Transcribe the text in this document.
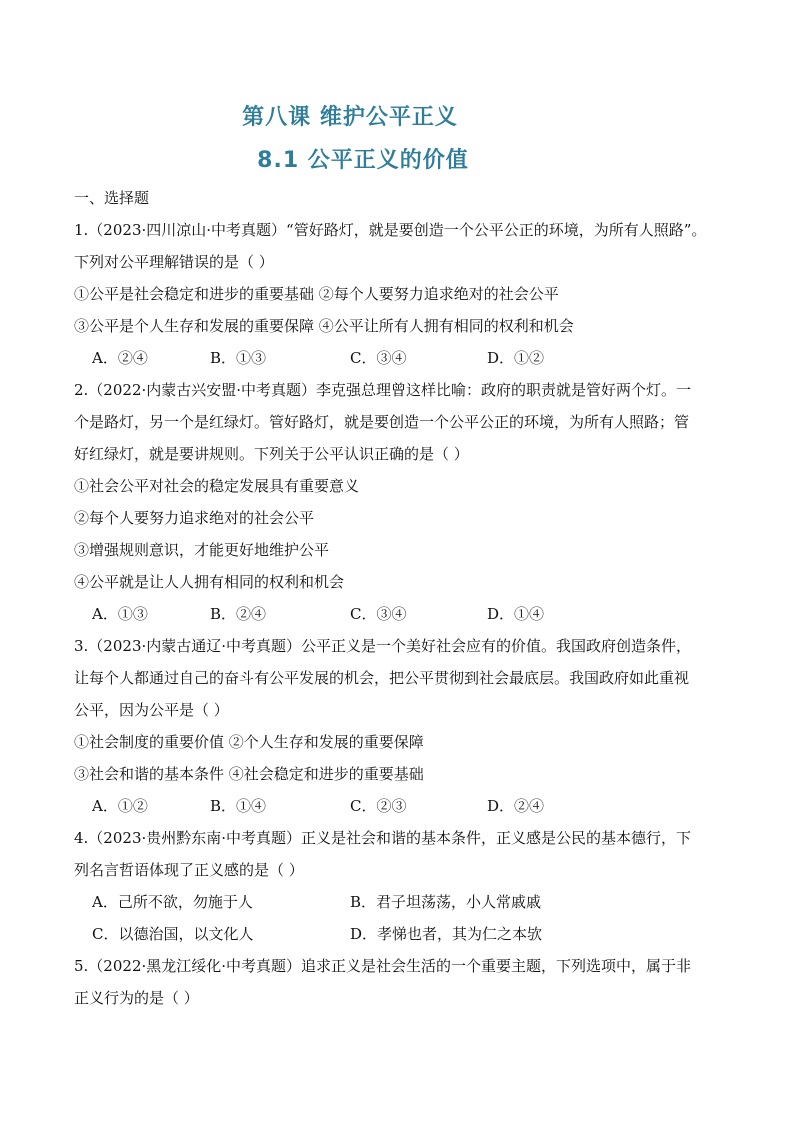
第八课 维护公平正义
8.1 公平正义的价值
一、选择题
1.（2023·四川凉山·中考真题）“管好路灯，就是要创造一个公平公正的环境，为所有人照路”。
下列对公平理解错误的是（ ）
①公平是社会稳定和进步的重要基础 ②每个人要努力追求绝对的社会公平
③公平是个人生存和发展的重要保障 ④公平让所有人拥有相同的权利和机会
A．②④	B．①③	C．③④	D．①②
2.（2022·内蒙古兴安盟·中考真题）李克强总理曾这样比喻：政府的职责就是管好两个灯。一
个是路灯，另一个是红绿灯。管好路灯，就是要创造一个公平公正的环境，为所有人照路；管
好红绿灯，就是要讲规则。下列关于公平认识正确的是（ ）
①社会公平对社会的稳定发展具有重要意义
②每个人要努力追求绝对的社会公平
③增强规则意识，才能更好地维护公平
④公平就是让人人拥有相同的权利和机会
A．①③	B．②④	C．③④	D．①④
3.（2023·内蒙古通辽·中考真题）公平正义是一个美好社会应有的价值。我国政府创造条件，
让每个人都通过自己的奋斗有公平发展的机会，把公平贯彻到社会最底层。我国政府如此重视
公平，因为公平是（ ）
①社会制度的重要价值 ②个人生存和发展的重要保障
③社会和谐的基本条件 ④社会稳定和进步的重要基础
A．①②	B．①④	C．②③	D．②④
4.（2023·贵州黔东南·中考真题）正义是社会和谐的基本条件，正义感是公民的基本德行，下
列名言哲语体现了正义感的是（ ）
A．己所不欲，勿施于人	B．君子坦荡荡，小人常戚戚
C．以德治国，以文化人	D．孝悌也者，其为仁之本欤
5.（2022·黑龙江绥化·中考真题）追求正义是社会生活的一个重要主题，下列选项中，属于非
正义行为的是（ ）
